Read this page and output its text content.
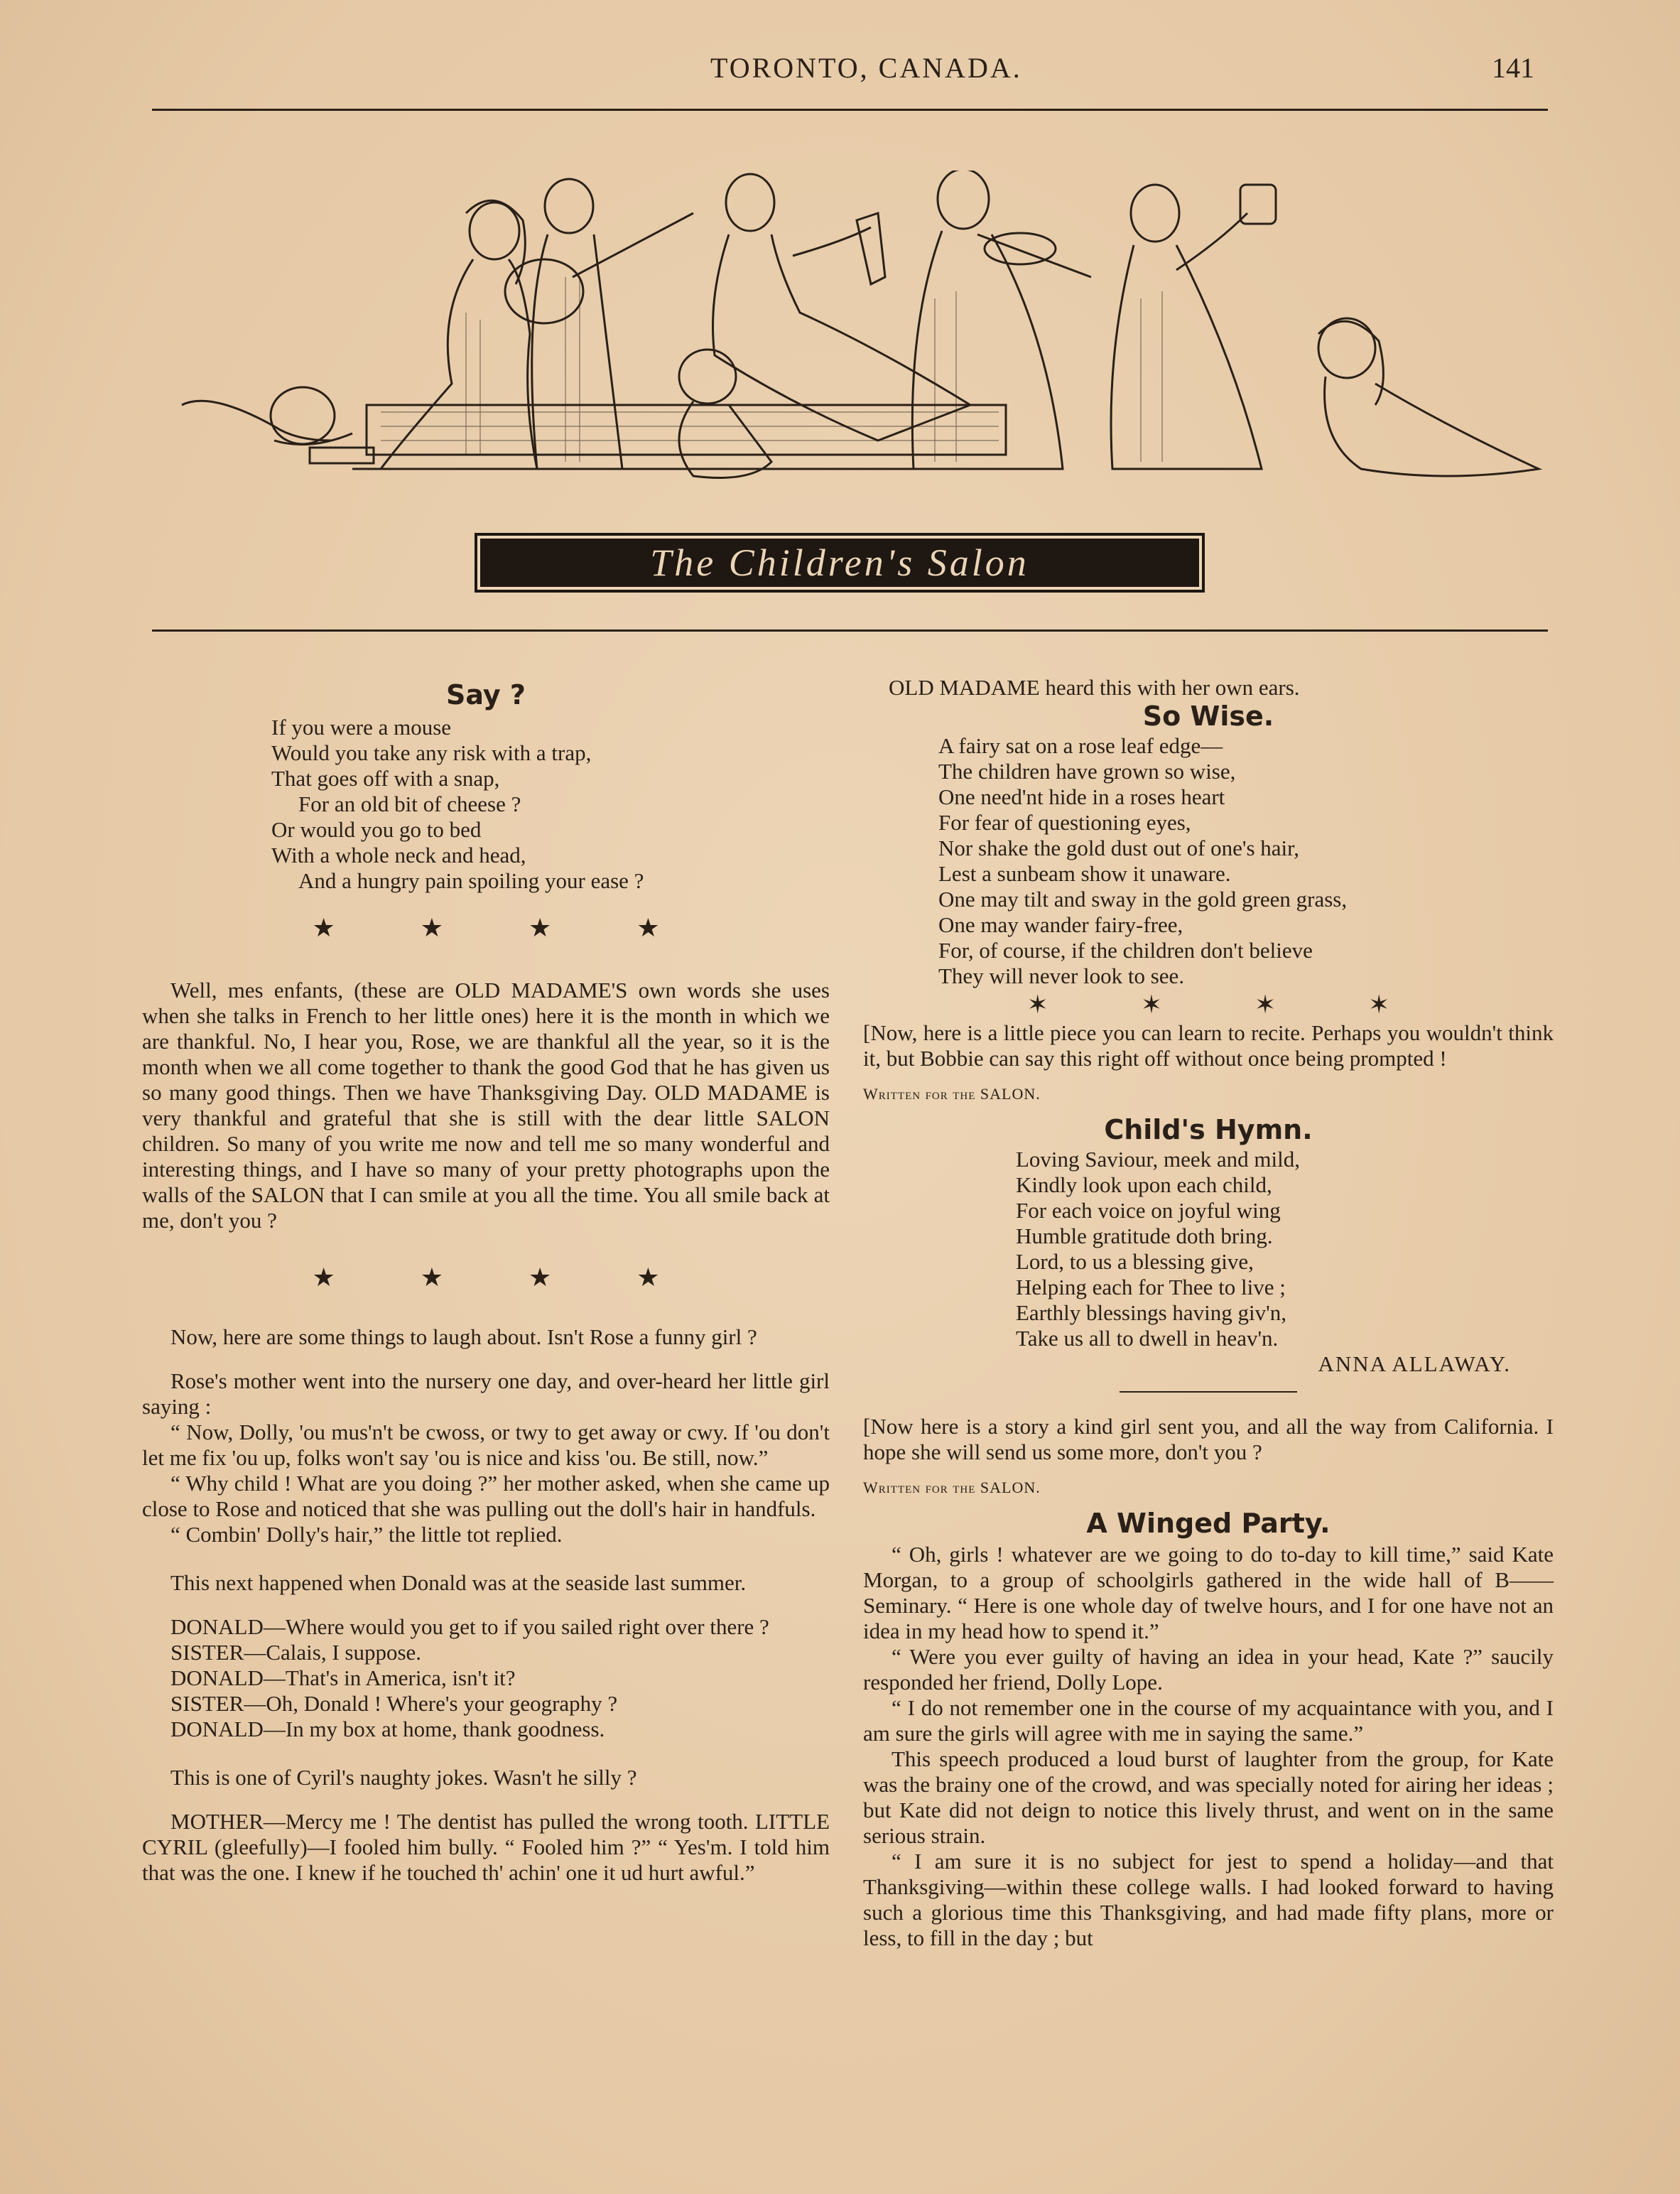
TORONTO, CANADA.	141
The Children's Salon
Say ?
If you were a mouse
Would you take any risk with a trap,
That goes off with a snap,
For an old bit of cheese ?
Or would you go to bed
With a whole neck and head,
And a hungry pain spoiling your ease ?
★	★	★	★

Well, mes enfants, (these are OLD MADAME'S own words she uses when she talks in French to her little ones) here it is the month in which we are thankful. No, I hear you, Rose, we are thankful all the year, so it is the month when we all come together to thank the good God that he has given us so many good things. Then we have Thanksgiving Day. OLD MADAME is very thankful and grateful that she is still with the dear little SALON children. So many of you write me now and tell me so many wonderful and interesting things, and I have so many of your pretty photographs upon the walls of the SALON that I can smile at you all the time. You all smile back at me, don't you ?

★	★	★	★

Now, here are some things to laugh about. Isn't Rose a funny girl ?

Rose's mother went into the nursery one day, and over-heard her little girl saying :

“ Now, Dolly, 'ou mus'n't be cwoss, or twy to get away or cwy. If 'ou don't let me fix 'ou up, folks won't say 'ou is nice and kiss 'ou. Be still, now.”

“ Why child ! What are you doing ?” her mother asked, when she came up close to Rose and noticed that she was pulling out the doll's hair in handfuls.

“ Combin' Dolly's hair,” the little tot replied.

This next happened when Donald was at the seaside last summer.

DONALD—Where would you get to if you sailed right over there ?

SISTER—Calais, I suppose.

DONALD—That's in America, isn't it?

SISTER—Oh, Donald ! Where's your geography ?

DONALD—In my box at home, thank goodness.

This is one of Cyril's naughty jokes. Wasn't he silly ?

MOTHER—Mercy me ! The dentist has pulled the wrong tooth. LITTLE CYRIL (gleefully)—I fooled him bully. “ Fooled him ?” “ Yes'm. I told him that was the one. I knew if he touched th' achin' one it ud hurt awful.”

OLD MADAME heard this with her own ears.

So Wise.
A fairy sat on a rose leaf edge—
The children have grown so wise,
One need'nt hide in a roses heart
For fear of questioning eyes,
Nor shake the gold dust out of one's hair,
Lest a sunbeam show it unaware.
One may tilt and sway in the gold green grass,
One may wander fairy-free,
For, of course, if the children don't believe
They will never look to see.
✶	✶	✶	✶

[Now, here is a little piece you can learn to recite. Perhaps you wouldn't think it, but Bobbie can say this right off without once being prompted !

Written for the SALON.
Child's Hymn.
Loving Saviour, meek and mild,
Kindly look upon each child,
For each voice on joyful wing
Humble gratitude doth bring.
Lord, to us a blessing give,
Helping each for Thee to live ;
Earthly blessings having giv'n,
Take us all to dwell in heav'n.
ANNA ALLAWAY.

[Now here is a story a kind girl sent you, and all the way from California. I hope she will send us some more, don't you ?

Written for the SALON.
A Winged Party.

“ Oh, girls ! whatever are we going to do to-day to kill time,” said Kate Morgan, to a group of schoolgirls gathered in the wide hall of B—— Seminary. “ Here is one whole day of twelve hours, and I for one have not an idea in my head how to spend it.”

“ Were you ever guilty of having an idea in your head, Kate ?” saucily responded her friend, Dolly Lope.

“ I do not remember one in the course of my acquaintance with you, and I am sure the girls will agree with me in saying the same.”

This speech produced a loud burst of laughter from the group, for Kate was the brainy one of the crowd, and was specially noted for airing her ideas ; but Kate did not deign to notice this lively thrust, and went on in the same serious strain.

“ I am sure it is no subject for jest to spend a holiday—and that Thanksgiving—within these college walls. I had looked forward to having such a glorious time this Thanksgiving, and had made fifty plans, more or less, to fill in the day ; but
